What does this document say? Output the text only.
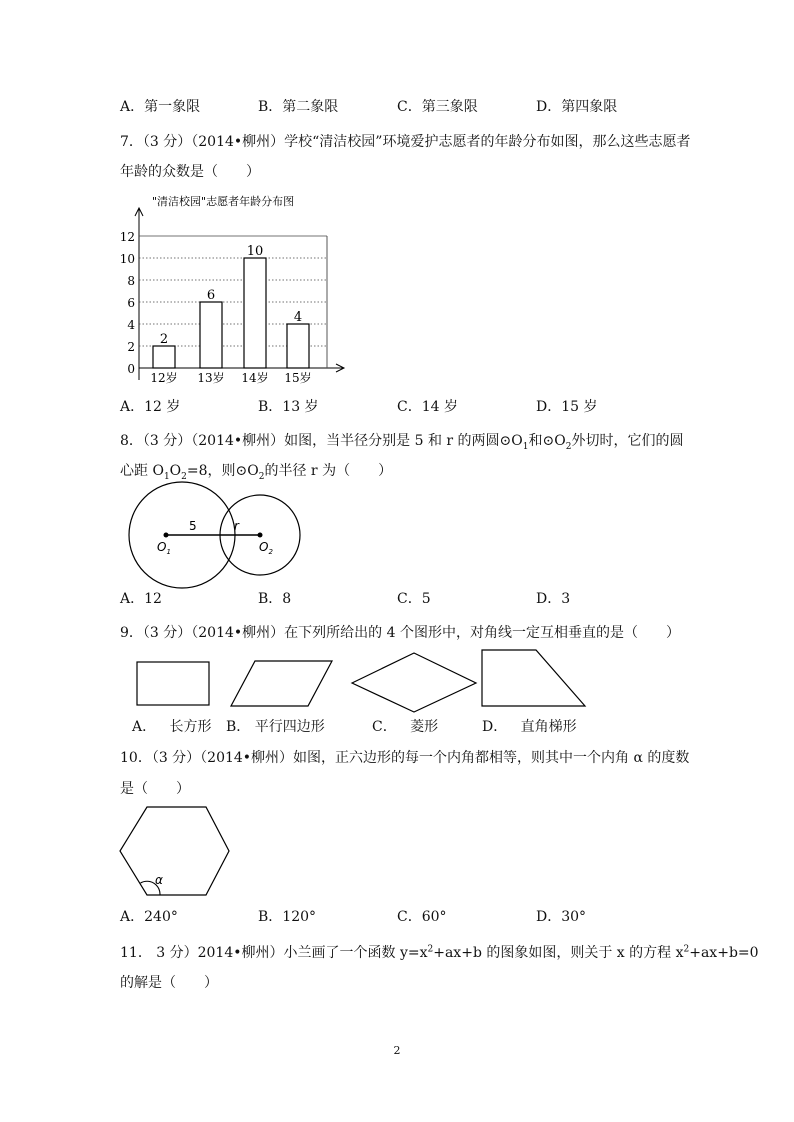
A．第一象限	B．第二象限	C．第三象限	D．第四象限
7．（3 分）（2014•柳州）学校“清洁校园”环境爱护志愿者的年龄分布如图，那么这些志愿者
年龄的众数是（　　）
"清洁校园"志愿者年龄分布图
2
6
10
4
0
2
4
6
8
10
12
12岁 13岁 14岁 15岁
A．12 岁	B．13 岁	C．14 岁	D．15 岁
8．（3 分）（2014•柳州）如图，当半径分别是 5 和 r 的两圆$⊙O_1$和$⊙O_2$外切时，它们的圆
心距 $O_1O_2=8$，则$⊙O_2$的半径 r 为（　　）
5	r
$O_1$	$O_2$
A．12	B．8	C．5	D．3
9．（3 分）（2014•柳州）在下列所给出的 4 个图形中，对角线一定互相垂直的是（　　）
A． 长方形 B． 平行四边形	C． 菱形	D． 直角梯形
10．（3 分）（2014•柳州）如图，正六边形的每一个内角都相等，则其中一个内角 α 的度数
是（　　）
α
A．240°	B．120°	C．60°	D．30°
11． 3 分）2014•柳州）小兰画了一个函数 $y=x^2+ax+b$ 的图象如图，则关于 x 的方程 $x^2+ax+b=0$
的解是（　　）
2
